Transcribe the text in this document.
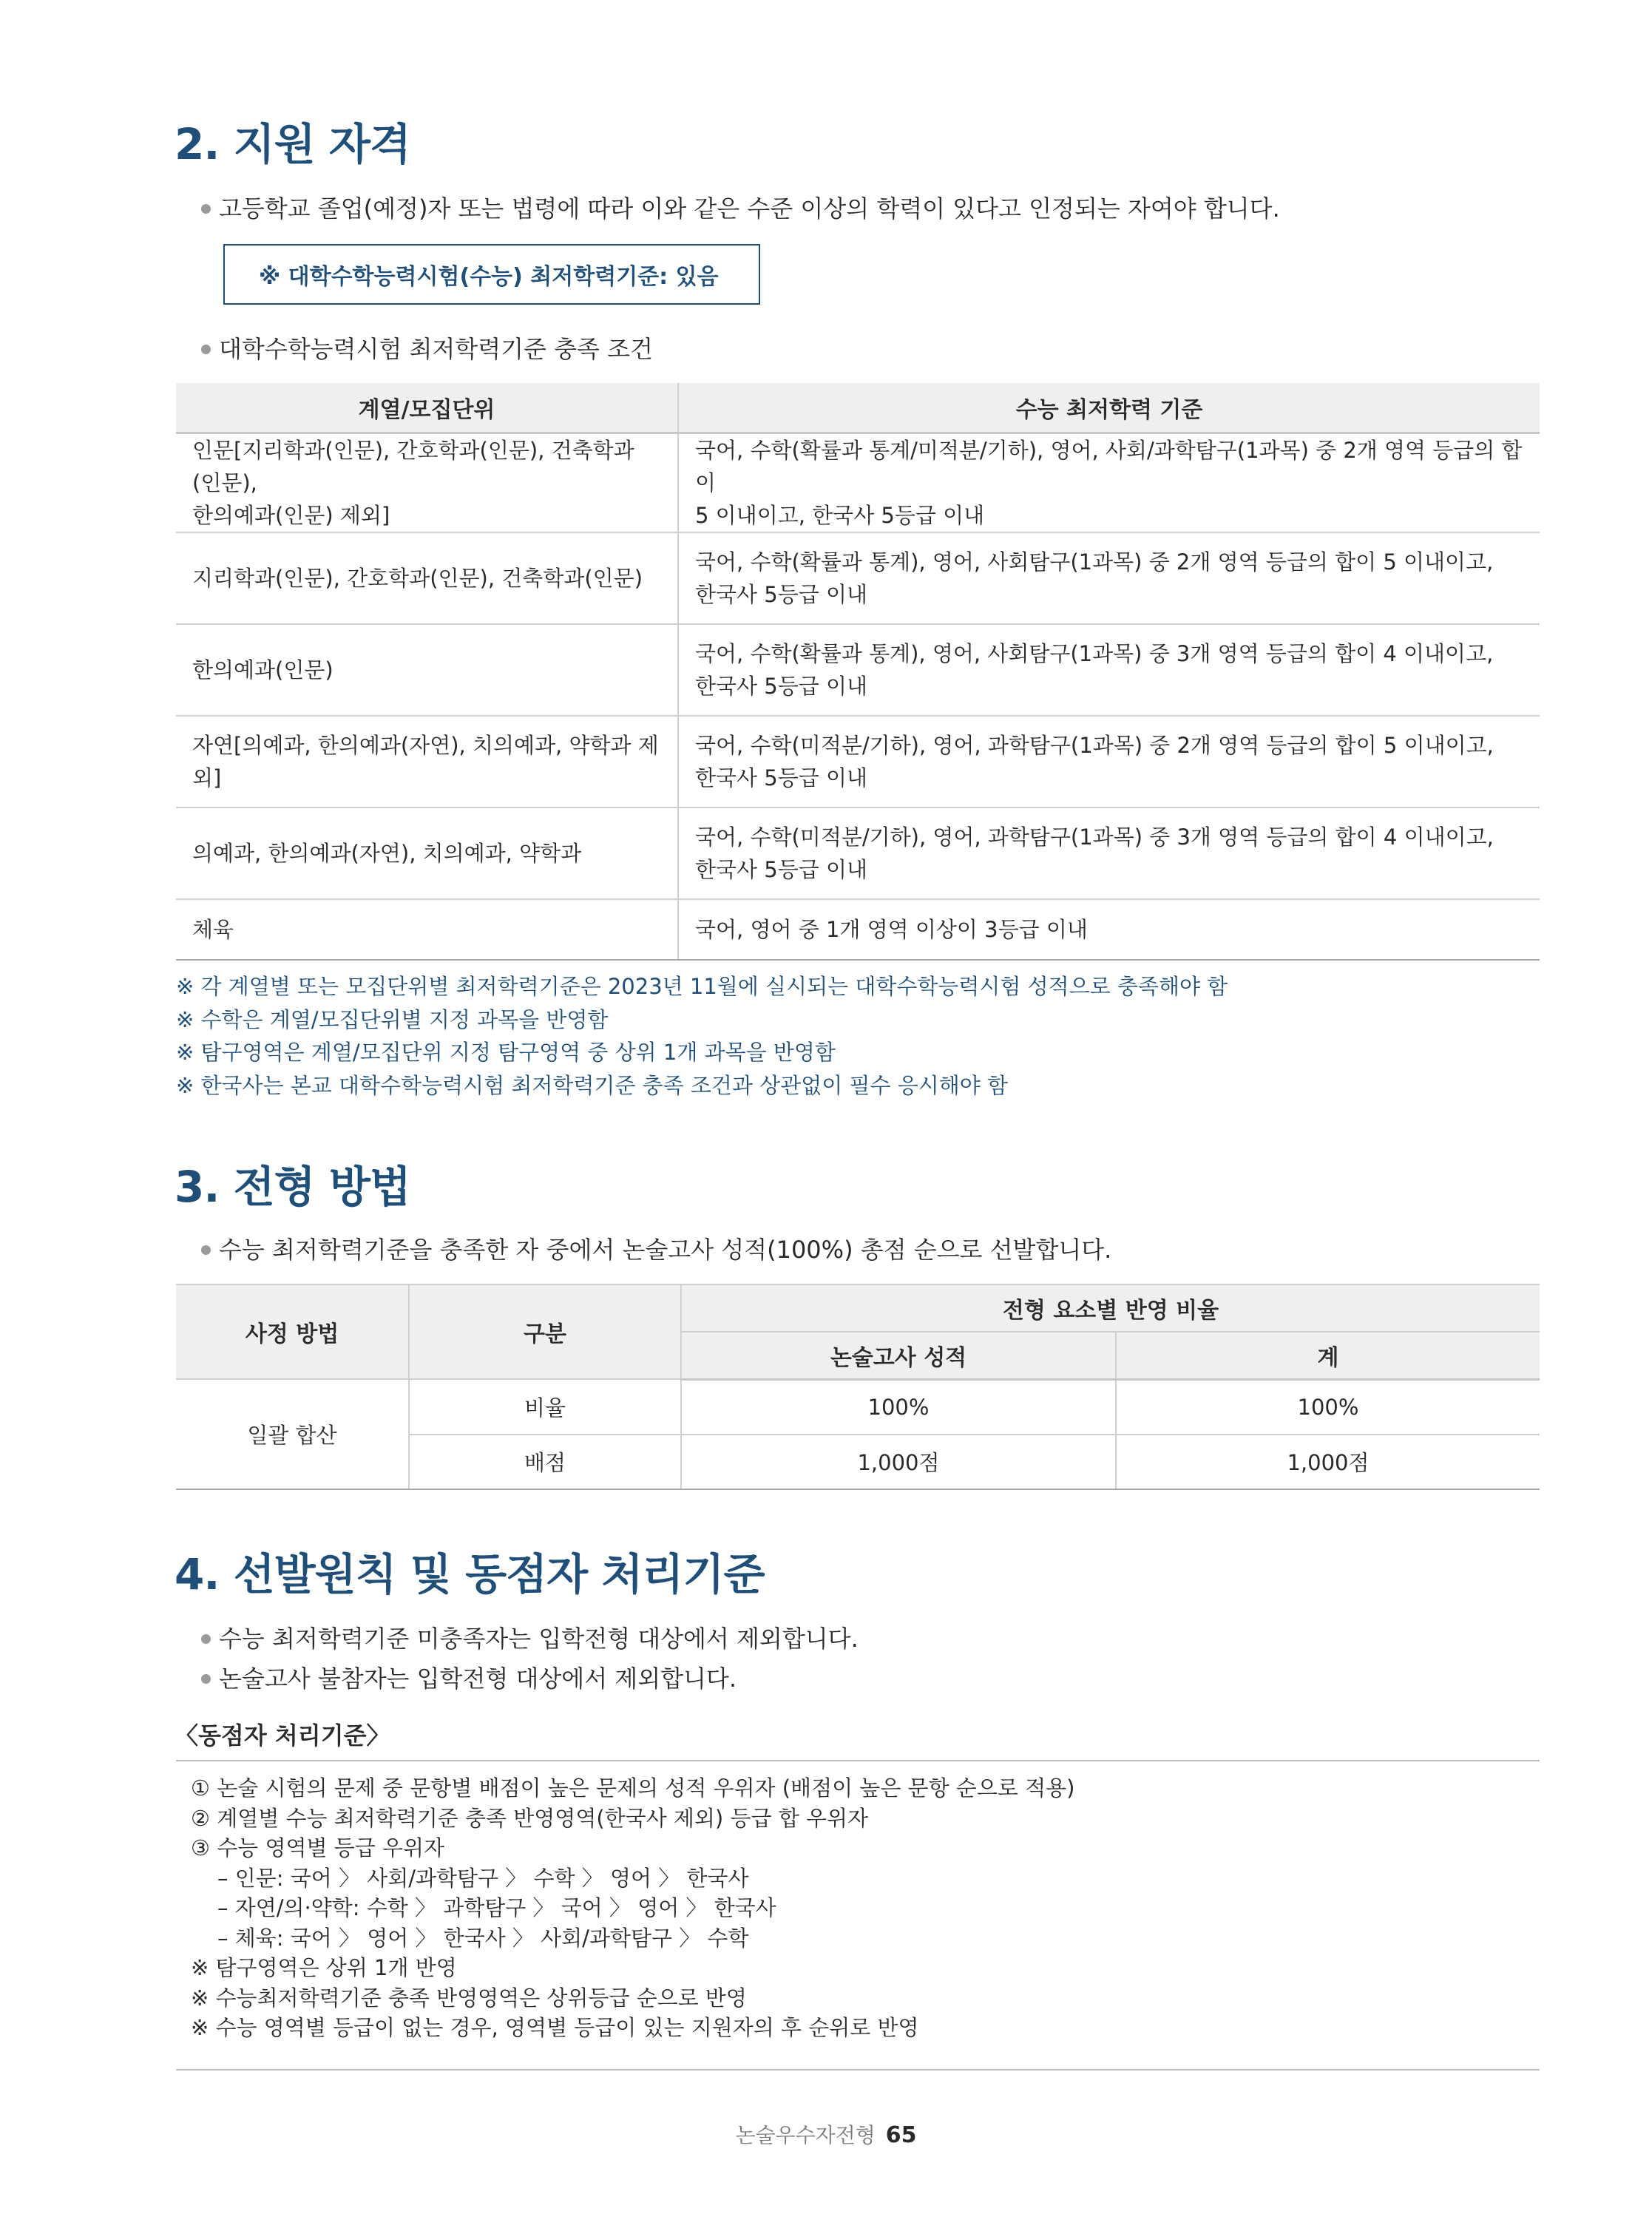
2. 지원 자격
고등학교 졸업(예정)자 또는 법령에 따라 이와 같은 수준 이상의 학력이 있다고 인정되는 자여야 합니다.
※ 대학수학능력시험(수능) 최저학력기준: 있음
대학수학능력시험 최저학력기준 충족 조건
계열/모집단위	수능 최저학력 기준
인문[지리학과(인문), 간호학과(인문), 건축학과(인문),
한의예과(인문) 제외]	국어, 수학(확률과 통계/미적분/기하), 영어, 사회/과학탐구(1과목) 중 2개 영역 등급의 합이
5 이내이고, 한국사 5등급 이내
지리학과(인문), 간호학과(인문), 건축학과(인문)	국어, 수학(확률과 통계), 영어, 사회탐구(1과목) 중 2개 영역 등급의 합이 5 이내이고,
한국사 5등급 이내
한의예과(인문)	국어, 수학(확률과 통계), 영어, 사회탐구(1과목) 중 3개 영역 등급의 합이 4 이내이고,
한국사 5등급 이내
자연[의예과, 한의예과(자연), 치의예과, 약학과 제외]	국어, 수학(미적분/기하), 영어, 과학탐구(1과목) 중 2개 영역 등급의 합이 5 이내이고,
한국사 5등급 이내
의예과, 한의예과(자연), 치의예과, 약학과	국어, 수학(미적분/기하), 영어, 과학탐구(1과목) 중 3개 영역 등급의 합이 4 이내이고,
한국사 5등급 이내
체육	국어, 영어 중 1개 영역 이상이 3등급 이내
※ 각 계열별 또는 모집단위별 최저학력기준은 2023년 11월에 실시되는 대학수학능력시험 성적으로 충족해야 함
※ 수학은 계열/모집단위별 지정 과목을 반영함
※ 탐구영역은 계열/모집단위 지정 탐구영역 중 상위 1개 과목을 반영함
※ 한국사는 본교 대학수학능력시험 최저학력기준 충족 조건과 상관없이 필수 응시해야 함
3. 전형 방법
수능 최저학력기준을 충족한 자 중에서 논술고사 성적(100%) 총점 순으로 선발합니다.
사정 방법	구분	전형 요소별 반영 비율	
		논술고사 성적	계
일괄 합산	비율	100%	100%
	배점	1,000점	1,000점
4. 선발원칙 및 동점자 처리기준
수능 최저학력기준 미충족자는 입학전형 대상에서 제외합니다.
논술고사 불참자는 입학전형 대상에서 제외합니다.
〈동점자 처리기준〉
① 논술 시험의 문제 중 문항별 배점이 높은 문제의 성적 우위자 (배점이 높은 문항 순으로 적용)
② 계열별 수능 최저학력기준 충족 반영영역(한국사 제외) 등급 합 우위자
③ 수능 영역별 등급 우위자
– 인문: 국어 〉 사회/과학탐구 〉 수학 〉 영어 〉 한국사
– 자연/의·약학: 수학 〉 과학탐구 〉 국어 〉 영어 〉 한국사
– 체육: 국어 〉 영어 〉 한국사 〉 사회/과학탐구 〉 수학
※ 탐구영역은 상위 1개 반영
※ 수능최저학력기준 충족 반영영역은 상위등급 순으로 반영
※ 수능 영역별 등급이 없는 경우, 영역별 등급이 있는 지원자의 후 순위로 반영
논술우수자전형 65
